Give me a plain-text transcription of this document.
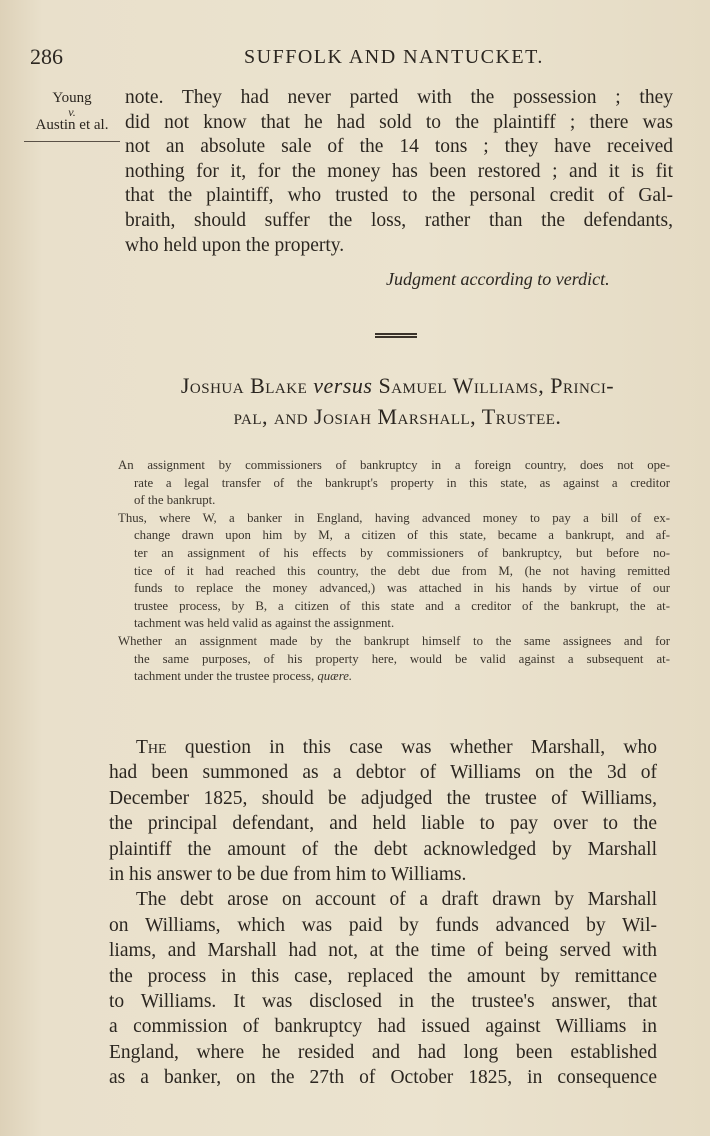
286	SUFFOLK AND NANTUCKET.
Young
v.
Austin et al.
note. They had never parted with the possession ; they
did not know that he had sold to the plaintiff ; there was
not an absolute sale of the 14 tons ; they have received
nothing for it, for the money has been restored ; and it is fit
that the plaintiff, who trusted to the personal credit of Gal-
braith, should suffer the loss, rather than the defendants,
who held upon the property.
Judgment according to verdict.
Joshua Blake versus Samuel Williams, Princi-
pal, and Josiah Marshall, Trustee.
An assignment by commissioners of bankruptcy in a foreign country, does not ope-
rate a legal transfer of the bankrupt's property in this state, as against a creditor
of the bankrupt.
Thus, where W, a banker in England, having advanced money to pay a bill of ex-
change drawn upon him by M, a citizen of this state, became a bankrupt, and af-
ter an assignment of his effects by commissioners of bankruptcy, but before no-
tice of it had reached this country, the debt due from M, (he not having remitted
funds to replace the money advanced,) was attached in his hands by virtue of our
trustee process, by B, a citizen of this state and a creditor of the bankrupt, the at-
tachment was held valid as against the assignment.
Whether an assignment made by the bankrupt himself to the same assignees and for
the same purposes, of his property here, would be valid against a subsequent at-
tachment under the trustee process, quære.
The question in this case was whether Marshall, who
had been summoned as a debtor of Williams on the 3d of
December 1825, should be adjudged the trustee of Williams,
the principal defendant, and held liable to pay over to the
plaintiff the amount of the debt acknowledged by Marshall
in his answer to be due from him to Williams.
The debt arose on account of a draft drawn by Marshall
on Williams, which was paid by funds advanced by Wil-
liams, and Marshall had not, at the time of being served with
the process in this case, replaced the amount by remittance
to Williams. It was disclosed in the trustee's answer, that
a commission of bankruptcy had issued against Williams in
England, where he resided and had long been established
as a banker, on the 27th of October 1825, in consequence
